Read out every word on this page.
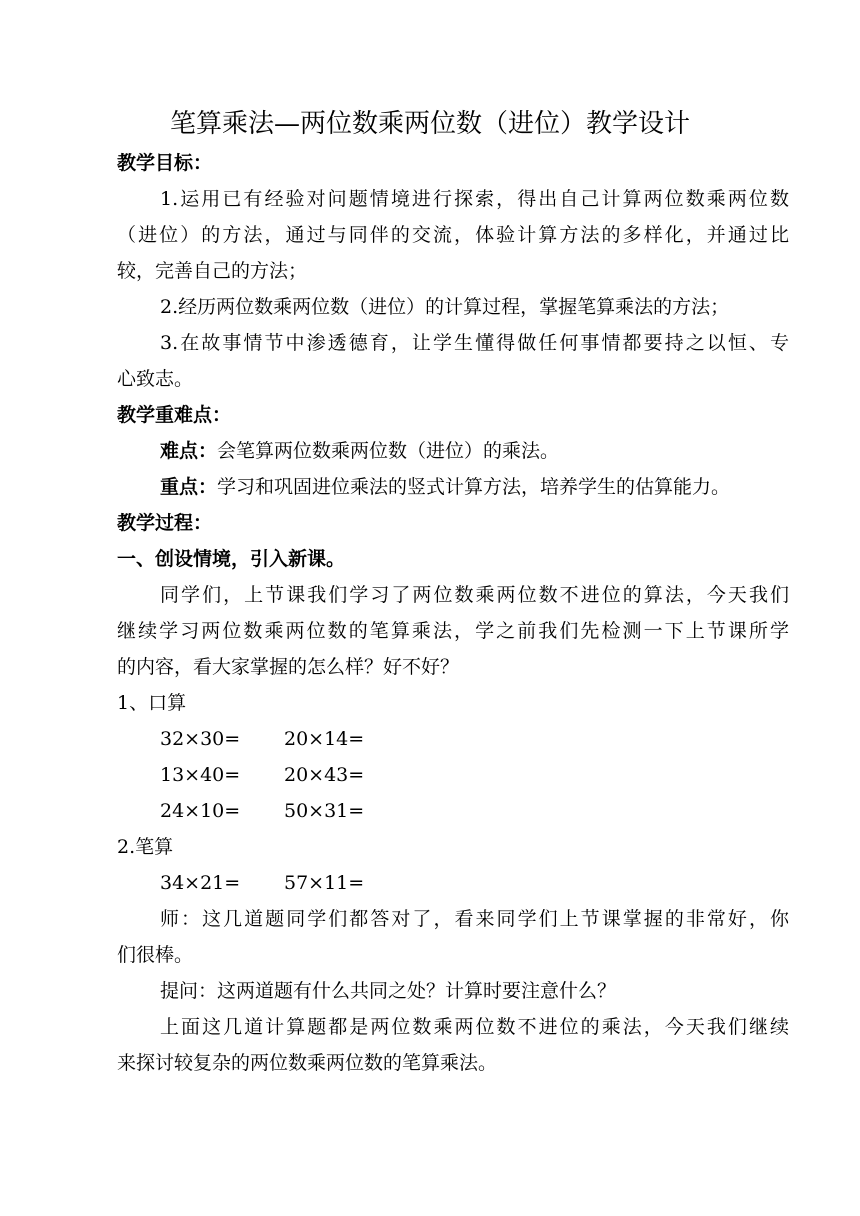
笔算乘法—两位数乘两位数（进位）教学设计
教学目标：
1.运用已有经验对问题情境进行探索，得出自己计算两位数乘两位数
（进位）的方法，通过与同伴的交流，体验计算方法的多样化，并通过比
较，完善自己的方法；
2.经历两位数乘两位数（进位）的计算过程，掌握笔算乘法的方法；
3.在故事情节中渗透德育，让学生懂得做任何事情都要持之以恒、专
心致志。
教学重难点：
难点：会笔算两位数乘两位数（进位）的乘法。
重点：学习和巩固进位乘法的竖式计算方法，培养学生的估算能力。
教学过程：
一、创设情境，引入新课。
同学们，上节课我们学习了两位数乘两位数不进位的算法，今天我们
继续学习两位数乘两位数的笔算乘法，学之前我们先检测一下上节课所学
的内容，看大家掌握的怎么样？好不好？
1、口算
32×30= 20×14=
13×40= 20×43=
24×10= 50×31=
2.笔算
34×21= 57×11=
师：这几道题同学们都答对了，看来同学们上节课掌握的非常好，你
们很棒。
提问：这两道题有什么共同之处？计算时要注意什么？
上面这几道计算题都是两位数乘两位数不进位的乘法，今天我们继续
来探讨较复杂的两位数乘两位数的笔算乘法。
